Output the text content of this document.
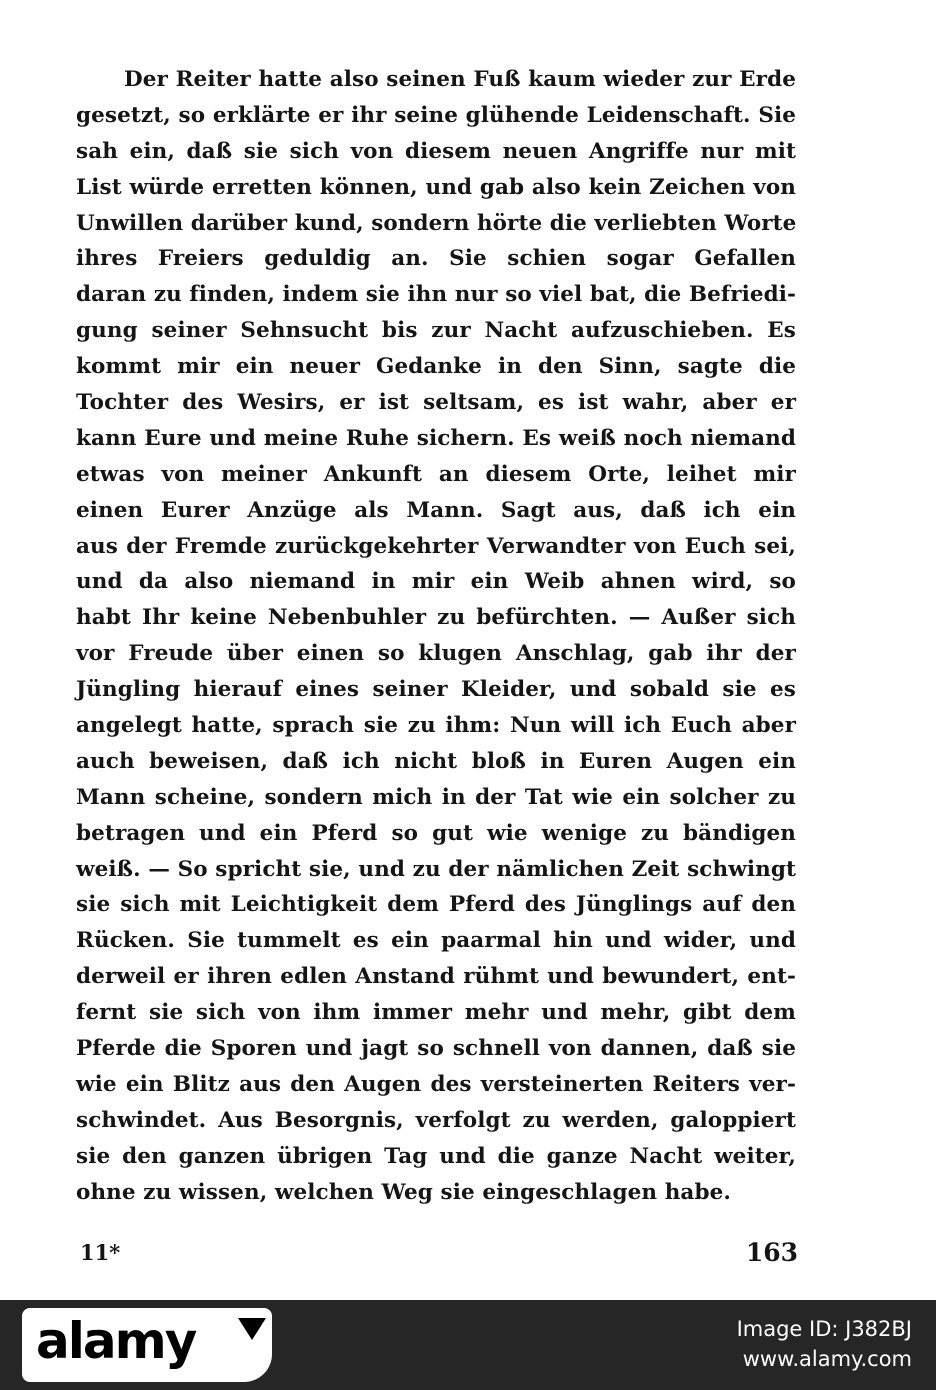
Der Reiter hatte also seinen Fuß kaum wieder zur Erde
gesetzt, so erklärte er ihr seine glühende Leidenschaft. Sie
sah ein, daß sie sich von diesem neuen Angriffe nur mit
List würde erretten können, und gab also kein Zeichen von
Unwillen darüber kund, sondern hörte die verliebten Worte
ihres Freiers geduldig an. Sie schien sogar Gefallen
daran zu finden, indem sie ihn nur so viel bat, die Befriedi-
gung seiner Sehnsucht bis zur Nacht aufzuschieben. Es
kommt mir ein neuer Gedanke in den Sinn, sagte die
Tochter des Wesirs, er ist seltsam, es ist wahr, aber er
kann Eure und meine Ruhe sichern. Es weiß noch niemand
etwas von meiner Ankunft an diesem Orte, leihet mir
einen Eurer Anzüge als Mann. Sagt aus, daß ich ein
aus der Fremde zurückgekehrter Verwandter von Euch sei,
und da also niemand in mir ein Weib ahnen wird, so
habt Ihr keine Nebenbuhler zu befürchten. — Außer sich
vor Freude über einen so klugen Anschlag, gab ihr der
Jüngling hierauf eines seiner Kleider, und sobald sie es
angelegt hatte, sprach sie zu ihm: Nun will ich Euch aber
auch beweisen, daß ich nicht bloß in Euren Augen ein
Mann scheine, sondern mich in der Tat wie ein solcher zu
betragen und ein Pferd so gut wie wenige zu bändigen
weiß. — So spricht sie, und zu der nämlichen Zeit schwingt
sie sich mit Leichtigkeit dem Pferd des Jünglings auf den
Rücken. Sie tummelt es ein paarmal hin und wider, und
derweil er ihren edlen Anstand rühmt und bewundert, ent-
fernt sie sich von ihm immer mehr und mehr, gibt dem
Pferde die Sporen und jagt so schnell von dannen, daß sie
wie ein Blitz aus den Augen des versteinerten Reiters ver-
schwindet. Aus Besorgnis, verfolgt zu werden, galoppiert
sie den ganzen übrigen Tag und die ganze Nacht weiter,
ohne zu wissen, welchen Weg sie eingeschlagen habe.
11*	163
alamy	Image ID: J382BJ
www.alamy.com
